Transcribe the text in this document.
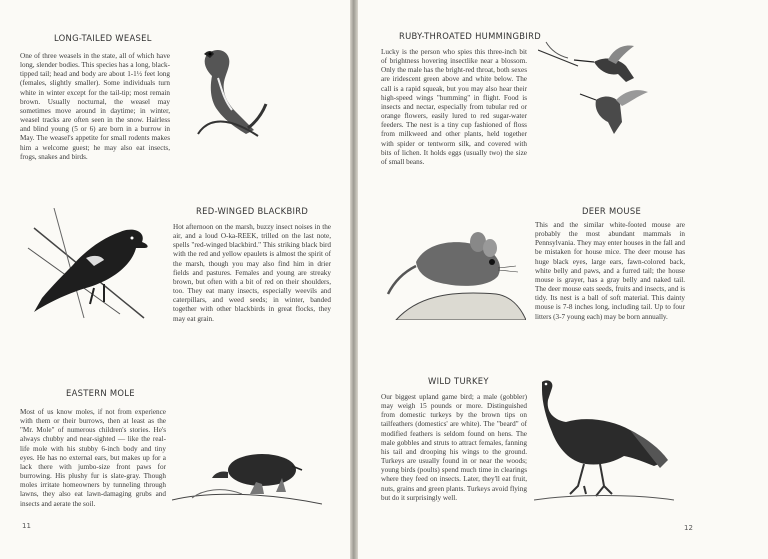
LONG-TAILED WEASEL
One of three weasels in the state, all of which have long, slender bodies. This species has a long, black-tipped tail; head and body are about 1-1½ feet long (females, slightly smaller). Some individuals turn white in winter except for the tail-tip; most remain brown. Usually nocturnal, the weasel may sometimes move around in daytime; in winter, weasel tracks are often seen in the snow. Hairless and blind young (5 or 6) are born in a burrow in May. The weasel's appetite for small rodents makes him a welcome guest; he may also eat insects, frogs, snakes and birds.
RED-WINGED BLACKBIRD
Hot afternoon on the marsh, buzzy insect noises in the air, and a loud O-ka-REEK, trilled on the last note, spells "red-winged blackbird." This striking black bird with the red and yellow epaulets is almost the spirit of the marsh, though you may also find him in drier fields and pastures. Females and young are streaky brown, but often with a bit of red on their shoulders, too. They eat many insects, especially weevils and caterpillars, and weed seeds; in winter, banded together with other blackbirds in great flocks, they may eat grain.
EASTERN MOLE
Most of us know moles, if not from experience with them or their burrows, then at least as the "Mr. Mole" of numerous children's stories. He's always chubby and near-sighted — like the real-life mole with his stubby 6-inch body and tiny eyes. He has no external ears, but makes up for a lack there with jumbo-size front paws for burrowing. His plushy fur is slate-gray. Though moles irritate homeowners by tunneling through lawns, they also eat lawn-damaging grubs and insects and aerate the soil.
11
RUBY-THROATED HUMMINGBIRD
Lucky is the person who spies this three-inch bit of brightness hovering insectlike near a blossom. Only the male has the bright-red throat, both sexes are iridescent green above and white below. The call is a rapid squeak, but you may also hear their high-speed wings "humming" in flight. Food is insects and nectar, especially from tubular red or orange flowers, easily lured to red sugar-water feeders. The nest is a tiny cup fashioned of floss from milkweed and other plants, held together with spider or tentworm silk, and covered with bits of lichen. It holds eggs (usually two) the size of small beans.
DEER MOUSE
This and the similar white-footed mouse are probably the most abundant mammals in Pennsylvania. They may enter houses in the fall and be mistaken for house mice. The deer mouse has huge black eyes, large ears, fawn-colored back, white belly and paws, and a furred tail; the house mouse is grayer, has a gray belly and naked tail. The deer mouse eats seeds, fruits and insects, and is tidy. Its nest is a ball of soft material. This dainty mouse is 7-8 inches long, including tail. Up to four litters (3-7 young each) may be born annually.
WILD TURKEY
Our biggest upland game bird; a male (gobbler) may weigh 15 pounds or more. Distinguished from domestic turkeys by the brown tips on tailfeathers (domestics' are white). The "beard" of modified feathers is seldom found on hens. The male gobbles and struts to attract females, fanning his tail and drooping his wings to the ground. Turkeys are usually found in or near the woods; young birds (poults) spend much time in clearings where they feed on insects. Later, they'll eat fruit, nuts, grains and green plants. Turkeys avoid flying but do it surprisingly well.
12
